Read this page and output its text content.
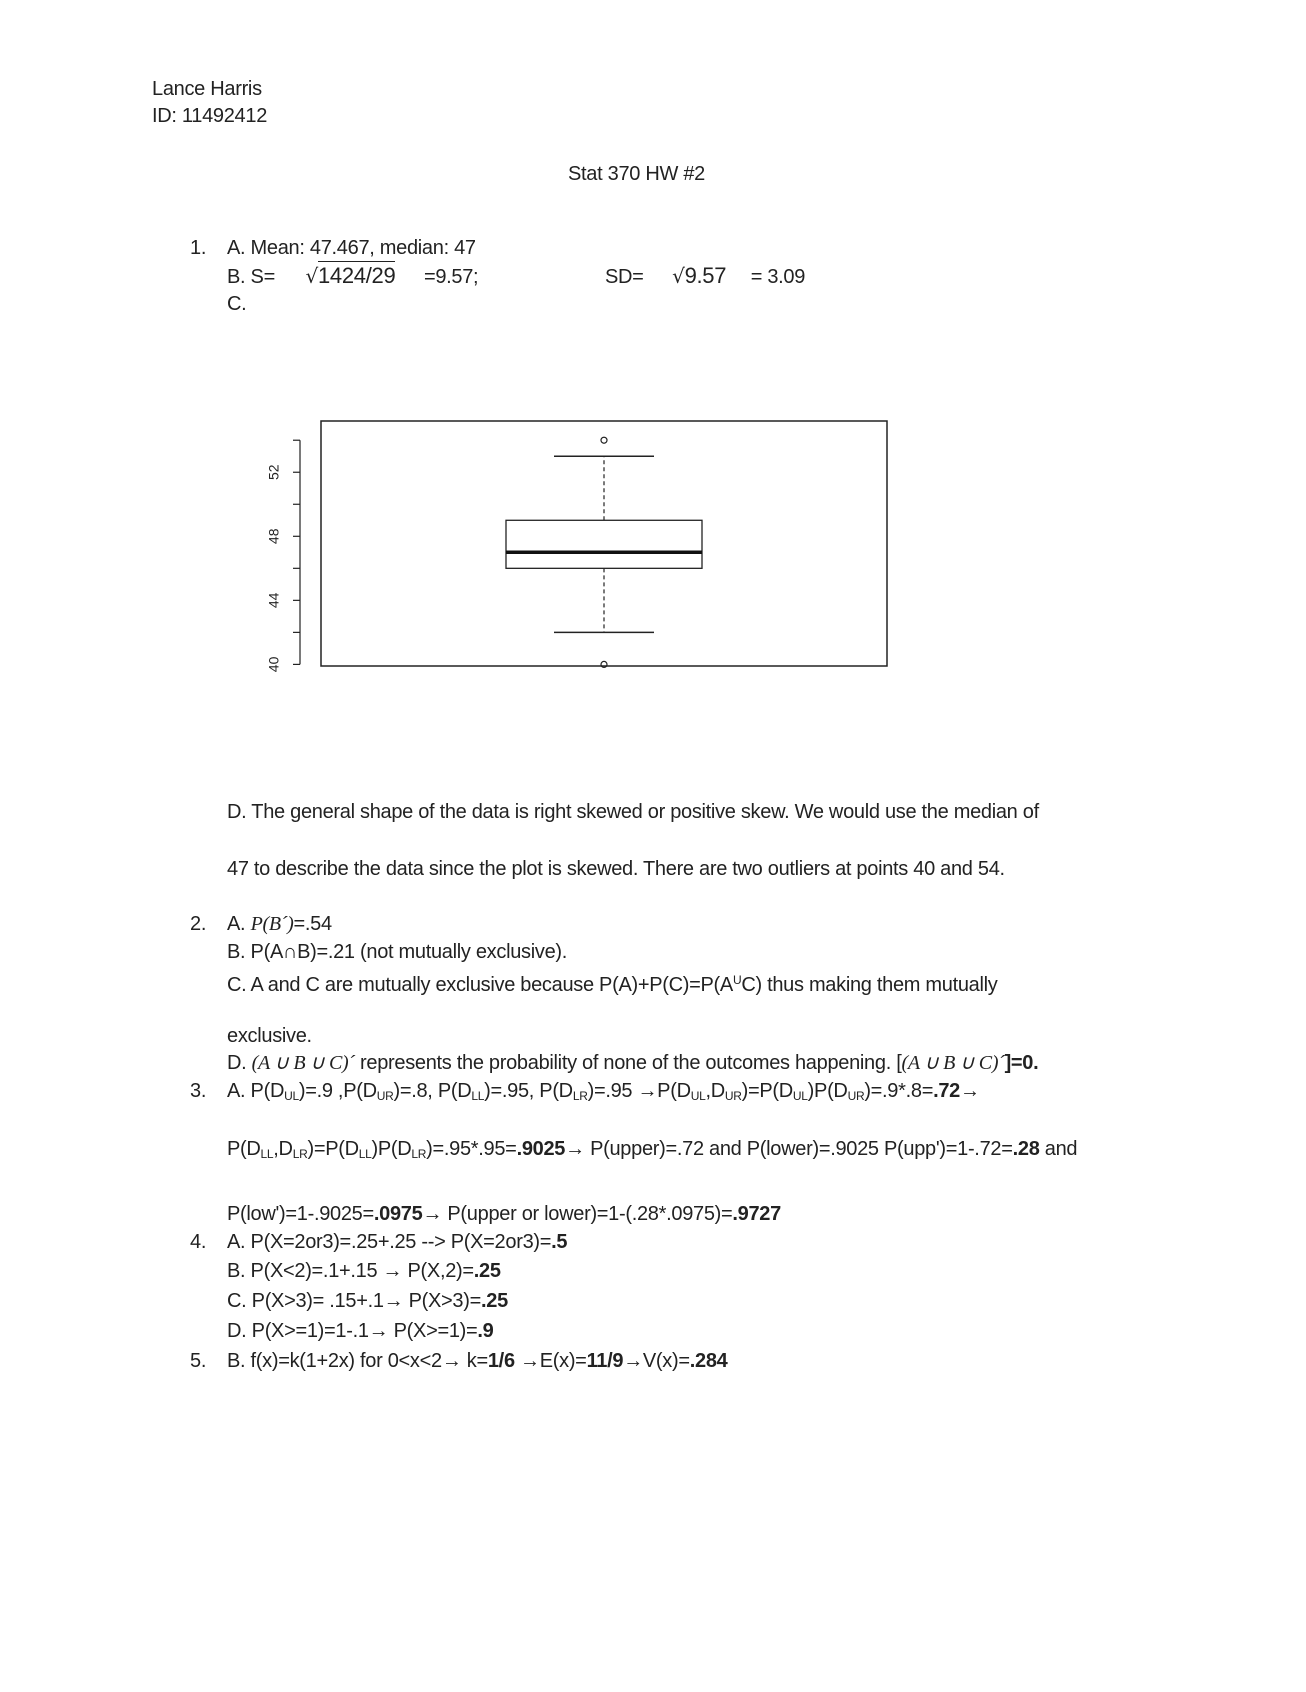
Lance Harris
ID: 11492412
Stat 370 HW #2
1. A. Mean: 47.467, median: 47
B. S= √1424/29 =9.57;	SD= √9.57 = 3.09
C.
40
44
48
52
D. The general shape of the data is right skewed or positive skew. We would use the median of
47 to describe the data since the plot is skewed. There are two outliers at points 40 and 54.
2. A. P(B´)=.54
B. P(A∩B)=.21 (not mutually exclusive).
C. A and C are mutually exclusive because $P(A)+P(C)=P(A^UC)$ thus making them mutually
exclusive.
D. (A ∪ B ∪ C)´ represents the probability of none of the outcomes happening. [(A ∪ B ∪ C)´]=0.
3. A. $P(D_{UL})=.9$ $,P(D_{UR})=.8$, $P(D_{LL})=.95$, $P(D_{LR})=.95 \to P(D_{UL},D_{UR})=P(D_{UL})P(D_{UR})=.9*.8=.72\to$
$P(D_{LL},D_{LR})=P(D_{LL})P(D_{LR})=.95*.95=.9025\to$ P(upper)=.72 and P(lower)=.9025 P(upp')=1-.72=.28 and
P(low')=1-.9025=.0975→ P(upper or lower)=1-(.28*.0975)=.9727
4. A. P(X=2or3)=.25+.25 --> P(X=2or3)=.5
B. P(X<2)=.1+.15 → P(X,2)=.25
C. P(X>3)= .15+.1→ P(X>3)=.25
D. P(X>=1)=1-.1→ P(X>=1)=.9
5. B. f(x)=k(1+2x) for 0<x<2→ k=1/6 →E(x)=11/9→V(x)=.284
